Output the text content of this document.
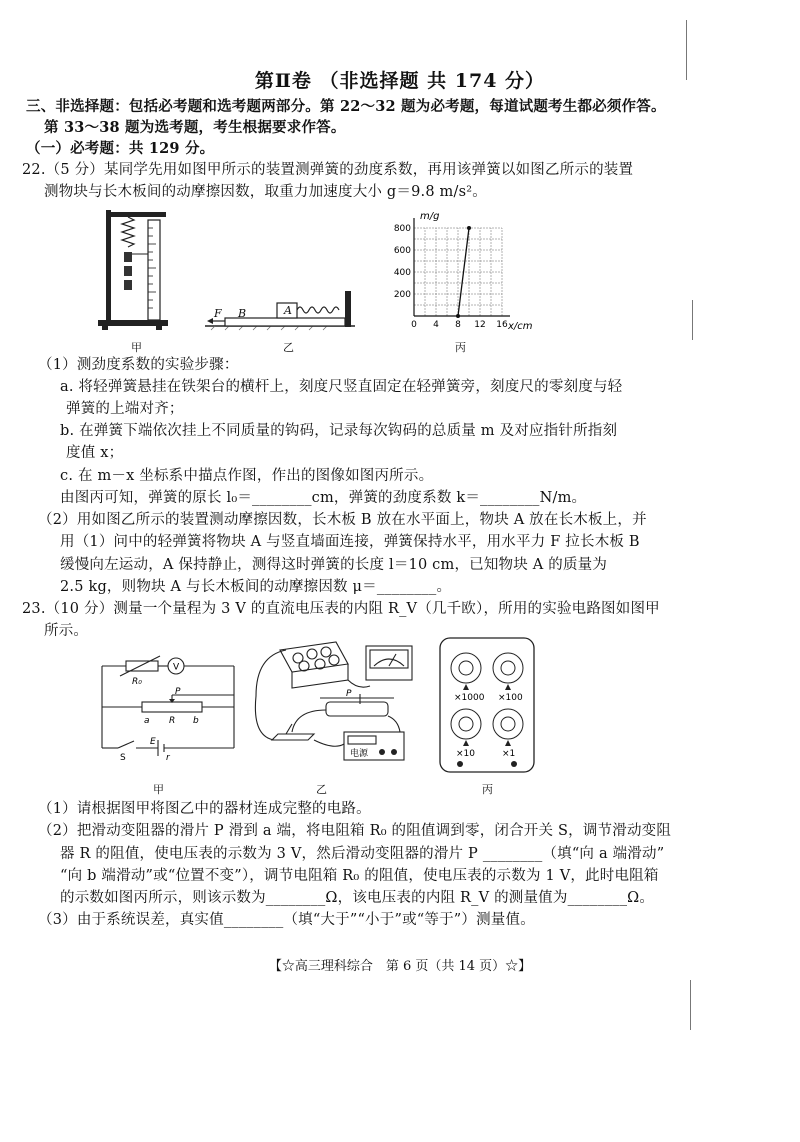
第Ⅱ卷 （非选择题 共 174 分）
三、非选择题：包括必考题和选考题两部分。第 22～32 题为必考题，每道试题考生都必须作答。
第 33～38 题为选考题，考生根据要求作答。
（一）必考题：共 129 分。
22.（5 分）某同学先用如图甲所示的装置测弹簧的劲度系数，再用该弹簧以如图乙所示的装置
测物块与长木板间的动摩擦因数，取重力加速度大小 g＝9.8 m/s²。
甲
F B	A
乙
0 4 8 12 16
200
400
600
800
m/g
x/cm
丙
（1）测劲度系数的实验步骤：
a. 将轻弹簧悬挂在铁架台的横杆上，刻度尺竖直固定在轻弹簧旁，刻度尺的零刻度与轻
弹簧的上端对齐；
b. 在弹簧下端依次挂上不同质量的钩码，记录每次钩码的总质量 m 及对应指针所指刻
度值 x；
c. 在 m－x 坐标系中描点作图，作出的图像如图丙所示。
由图丙可知，弹簧的原长 l₀＝________cm，弹簧的劲度系数 k＝________N/m。
（2）用如图乙所示的装置测动摩擦因数，长木板 B 放在水平面上，物块 A 放在长木板上，并
用（1）问中的轻弹簧将物块 A 与竖直墙面连接，弹簧保持水平，用水平力 F 拉长木板 B
缓慢向左运动，A 保持静止，测得这时弹簧的长度 l＝10 cm，已知物块 A 的质量为
2.5 kg，则物块 A 与长木板间的动摩擦因数 μ＝________。
23.（10 分）测量一个量程为 3 V 的直流电压表的内阻 R_V（几千欧），所用的实验电路图如图甲
所示。
V
R₀
P
a R b
S
E
r
甲
P
电源
乙
×1000 ×100
×10	×1
丙
（1）请根据图甲将图乙中的器材连成完整的电路。
（2）把滑动变阻器的滑片 P 滑到 a 端，将电阻箱 R₀ 的阻值调到零，闭合开关 S，调节滑动变阻
器 R 的阻值，使电压表的示数为 3 V，然后滑动变阻器的滑片 P ________（填“向 a 端滑动”
“向 b 端滑动”或“位置不变”），调节电阻箱 R₀ 的阻值，使电压表的示数为 1 V，此时电阻箱
的示数如图丙所示，则该示数为________Ω，该电压表的内阻 R_V 的测量值为________Ω。
（3）由于系统误差，真实值________（填“大于”“小于”或“等于”）测量值。
【☆高三理科综合　第 6 页（共 14 页）☆】
